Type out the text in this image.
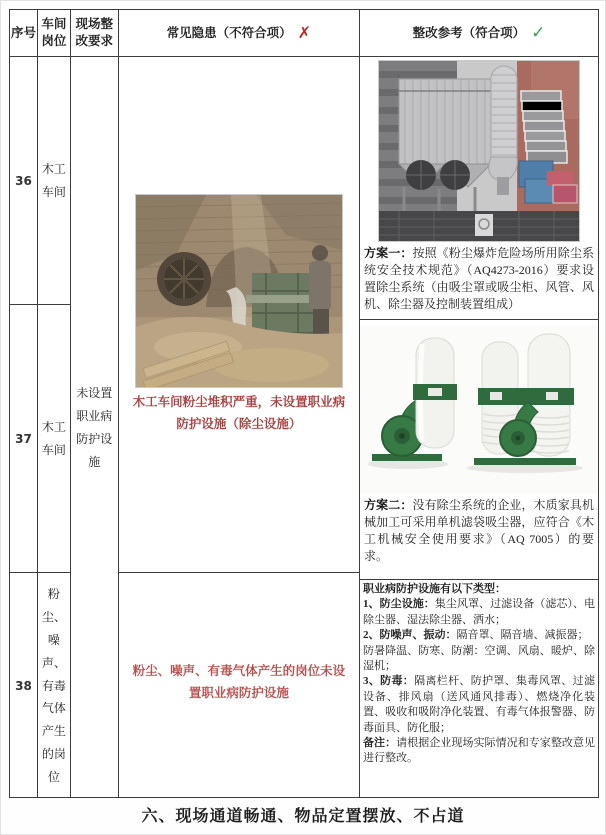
序号
36
37
38
车间岗位
木工车间
木工车间
粉尘、噪声、有毒气体产生的岗位
现场整改要求
未设置职业病防护设施
常见隐患（不符合项） ✗
木工车间粉尘堆积严重，未设置职业病防护设施（除尘设施）
粉尘、噪声、有毒气体产生的岗位未设置职业病防护设施
整改参考（符合项） ✓

方案一：按照《粉尘爆炸危险场所用除尘系统安全技术规范》（AQ4273-2016）要求设置除尘系统（由吸尘罩或吸尘柜、风管、风机、除尘器及控制装置组成）

方案二：没有除尘系统的企业，木质家具机械加工可采用单机滤袋吸尘器，应符合《木工机械安全使用要求》（AQ 7005）的要求。

职业病防护设施有以下类型：

1、防尘设施：集尘风罩、过滤设备（滤芯）、电除尘器、湿法除尘器、洒水；

2、防噪声、振动：隔音罩、隔音墙、减振器；

防暑降温、防寒、防潮：空调、风扇、暖炉、除湿机；

3、防毒：隔离栏杆、防护罩、集毒风罩、过滤设备、排风扇（送风通风排毒）、燃烧净化装置、吸收和吸附净化装置、有毒气体报警器、防毒面具、防化服；

备注：请根据企业现场实际情况和专家整改意见进行整改。

六、现场通道畅通、物品定置摆放、不占道
